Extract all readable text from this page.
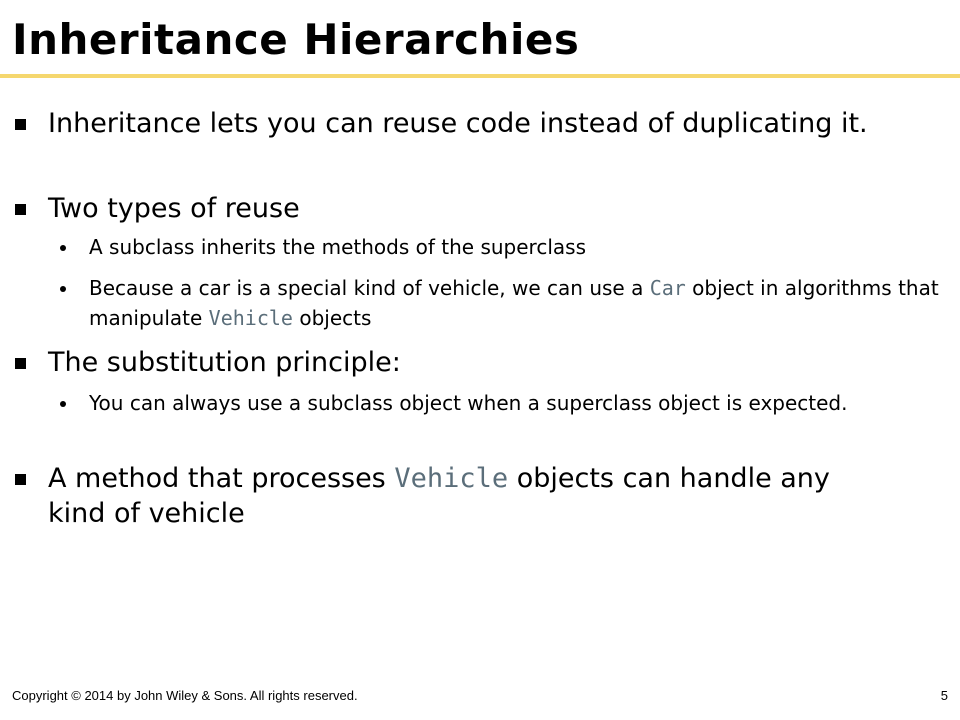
Inheritance Hierarchies
Inheritance lets you can reuse code instead of duplicating it.
Two types of reuse
A subclass inherits the methods of the superclass
Because a car is a special kind of vehicle, we can use a Car object in algorithms that manipulate Vehicle objects
The substitution principle:
You can always use a subclass object when a superclass object is expected.
A method that processes Vehicle objects can handle any kind of vehicle
Copyright © 2014 by John Wiley & Sons. All rights reserved.	5
